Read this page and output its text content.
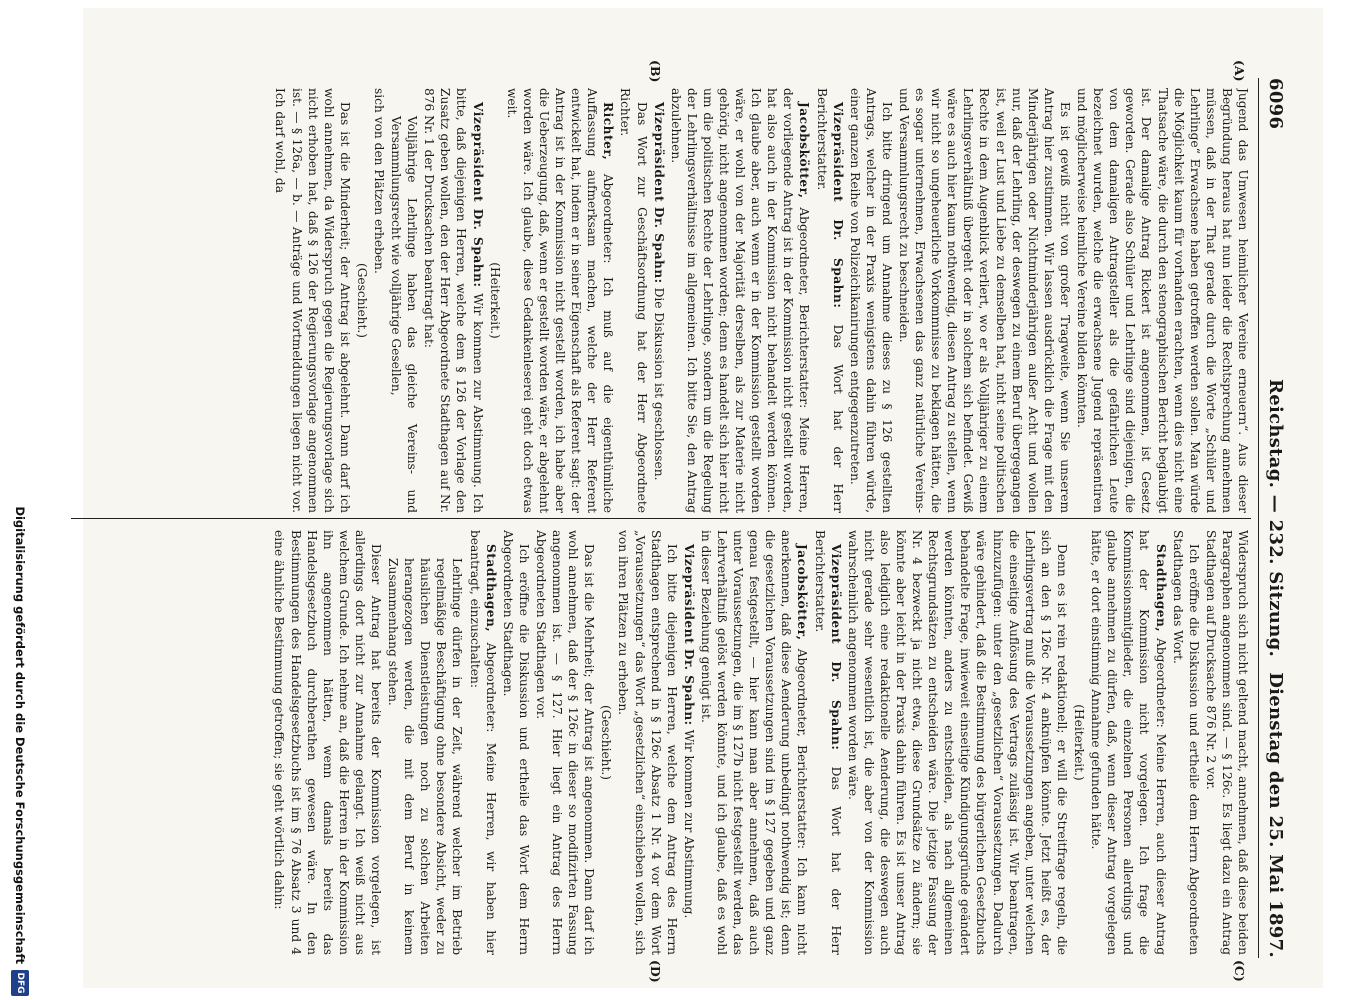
6096
Reichstag. — 232. Sitzung.
Dienstag den 25. Mai 1897.
(A)
(B)
(C)
(D)

Jugend das Umwesen heimlicher Vereine erneuern“. Aus dieser Begründung heraus hat nun leider die Rechtsprechung annehmen müssen, daß in der That gerade durch die Worte „Schüler und Lehrlinge“ Erwachsene haben getroffen werden sollen. Man würde die Möglichkeit kaum für vorhanden erachten, wenn dies nicht eine Thatsache wäre, die durch den stenographischen Bericht beglaubigt ist. Der damalige Antrag Rickert ist angenommen, ist Gesetz geworden. Gerade also Schüler und Lehrlinge sind diejenigen, die von dem damaligen Antragsteller als die gefährlichen Leute bezeichnet wurden, welche die erwachsene Jugend repräsentiren und möglicherweise heimliche Vereine bilden könnten.

Es ist gewiß nicht von großer Tragweite, wenn Sie unserem Antrag hier zustimmen. Wir lassen ausdrücklich die Frage mit den Minderjährigen oder Nichtminderjährigen außer Acht und wollen nur, daß der Lehrling, der deswegen zu einem Beruf übergegangen ist, weil er Lust und Liebe zu demselben hat, nicht seine politischen Rechte in dem Augenblick verliert, wo er als Volljähriger zu einem Lehrlingsverhältniß übergeht oder in solchem sich befindet. Gewiß wäre es auch hier kaum nothwendig, diesen Antrag zu stellen, wenn wir nicht so ungeheuerliche Vorkommnisse zu beklagen hätten, die es sogar unternehmen, Erwachsenen das ganz natürliche Vereins- und Versammlungsrecht zu beschneiden.

Ich bitte dringend um Annahme dieses zu § 126 gestellten Antrags, welcher in der Praxis wenigstens dahin führen würde, einer ganzen Reihe von Polizeichikanirungen entgegenzutreten.

Vizepräsident Dr. Spahn: Das Wort hat der Herr Berichterstatter.

Jacobskötter, Abgeordneter, Berichterstatter: Meine Herren, der vorliegende Antrag ist in der Kommission nicht gestellt worden, hat also auch in der Kommission nicht behandelt werden können. Ich glaube aber, auch wenn er in der Kommission gestellt worden wäre, er wohl von der Majorität derselben, als zur Materie nicht gehörig, nicht angenommen worden; denn es handelt sich hier nicht um die politischen Rechte der Lehrlinge, sondern um die Regelung der Lehrlingsverhältnisse im allgemeinen. Ich bitte Sie, den Antrag abzulehnen.

Vizepräsident Dr. Spahn: Die Diskussion ist geschlossen.

Das Wort zur Geschäftsordnung hat der Herr Abgeordnete Richter.

Richter, Abgeordneter: Ich muß auf die eigenthümliche Auffassung aufmerksam machen, welche der Herr Referent entwickelt hat, indem er in seiner Eigenschaft als Referent sagt: der Antrag ist in der Kommission nicht gestellt worden, ich habe aber die Ueberzeugung, daß, wenn er gestellt worden wäre, er abgelehnt worden wäre. Ich glaube, diese Gedankenleserei geht doch etwas weit.

(Heiterkeit.)

Vizepräsident Dr. Spahn: Wir kommen zur Abstimmung. Ich bitte, daß diejenigen Herren, welche dem § 126 der Vorlage den Zusatz geben wollen, den der Herr Abgeordnete Stadthagen auf Nr. 876 Nr. 1 der Drucksachen beantragt hat:

Volljährige Lehrlinge haben das gleiche Vereins- und Versammlungsrecht wie volljährige Gesellen,

sich von den Plätzen erheben.

(Geschieht.)

Das ist die Minderheit; der Antrag ist abgelehnt. Dann darf ich wohl annehmen, da Widerspruch gegen die Regierungsvorlage sich nicht erhoben hat, daß § 126 der Regierungsvorlage angenommen ist. — § 126a, — b. — Anträge und Wortmeldungen liegen nicht vor. Ich darf wohl, da

Widerspruch sich nicht geltend macht, annehmen, daß diese beiden Paragraphen angenommen sind. — § 126c. Es liegt dazu ein Antrag Stadthagen auf Drucksache 876 Nr. 2 vor.

Ich eröffne die Diskussion und ertheile dem Herrn Abgeordneten Stadthagen das Wort.

Stadthagen, Abgeordneter: Meine Herren, auch dieser Antrag hat der Kommission nicht vorgelegen. Ich frage die Kommissionsmitglieder, die einzelnen Personen allerdings und glaube annehmen zu dürfen, daß, wenn dieser Antrag vorgelegen hätte, er dort einstimmig Annahme gefunden hätte.

(Heiterkeit.)

Denn es ist rein redaktionell; er will die Streitfrage regeln, die sich an den § 126c Nr. 4 anknüpfen könnte. Jetzt heißt es, der Lehrlingsvertrag muß die Voraussetzungen angeben, unter welchen die einseitige Auflösung des Vertrags zulässig ist. Wir beantragen, hinzuzufügen: unter den „gesetzlichen“ Voraussetzungen. Dadurch wäre gehindert, daß die Bestimmung des bürgerlichen Gesetzbuchs behandelte Frage, inwieweit einseitige Kündigungsgründe geändert werden könnten, anders zu entscheiden, als nach allgemeinen Rechtsgrundsätzen zu entscheiden wäre. Die jetzige Fassung der Nr. 4 bezweckt ja nicht etwa, diese Grundsätze zu ändern; sie könnte aber leicht in der Praxis dahin führen. Es ist unser Antrag also lediglich eine redaktionelle Aenderung, die deswegen auch nicht gerade sehr wesentlich ist, die aber von der Kommission wahrscheinlich angenommen worden wäre.

Vizepräsident Dr. Spahn: Das Wort hat der Herr Berichterstatter.

Jacobskötter, Abgeordneter, Berichterstatter: Ich kann nicht anerkennen, daß diese Aenderung unbedingt nothwendig ist; denn die gesetzlichen Voraussetzungen sind im § 127 gegeben und ganz genau festgestellt, — hier kann man aber annehmen, daß auch unter Voraussetzungen, die im § 127b nicht festgestellt werden, das Lehrverhältniß gelöst werden könnte, und ich glaube, daß es wohl in dieser Beziehung genügt ist.

Vizepräsident Dr. Spahn: Wir kommen zur Abstimmung.

Ich bitte diejenigen Herren, welche dem Antrag des Herrn Stadthagen entsprechend in § 126c Absatz 1 Nr. 4 vor dem Wort „Voraussetzungen“ das Wort „gesetzlichen“ einschieben wollen, sich von ihren Plätzen zu erheben.

(Geschieht.)

Das ist die Mehrheit; der Antrag ist angenommen. Dann darf ich wohl annehmen, daß der § 126c in dieser so modifizirten Fassung angenommen ist. — § 127. Hier liegt ein Antrag des Herrn Abgeordneten Stadthagen vor.

Ich eröffne die Diskussion und ertheile das Wort dem Herrn Abgeordneten Stadthagen.

Stadthagen, Abgeordneter: Meine Herren, wir haben hier beantragt, einzuschalten:

Lehrlinge dürfen in der Zeit, während welcher im Betrieb regelmäßige Beschäftigung ohne besondere Absicht, weder zu häuslichen Dienstleistungen noch zu solchen Arbeiten herangezogen werden, die mit dem Beruf in keinem Zusammenhang stehen.

Dieser Antrag hat bereits der Kommission vorgelegen, ist allerdings dort nicht zur Annahme gelangt. Ich weiß nicht aus welchem Grunde. Ich nehme an, daß die Herren in der Kommission ihn angenommen hätten, wenn damals bereits das Handelsgesetzbuch durchberathen gewesen wäre. In den Bestimmungen des Handelsgesetzbuchs ist im § 76 Absatz 3 und 4 eine ähnliche Bestimmung getroffen; sie geht wörtlich dahin:

Digitalisierung gefördert durch die Deutsche Forschungsgemeinschaft
DFG
